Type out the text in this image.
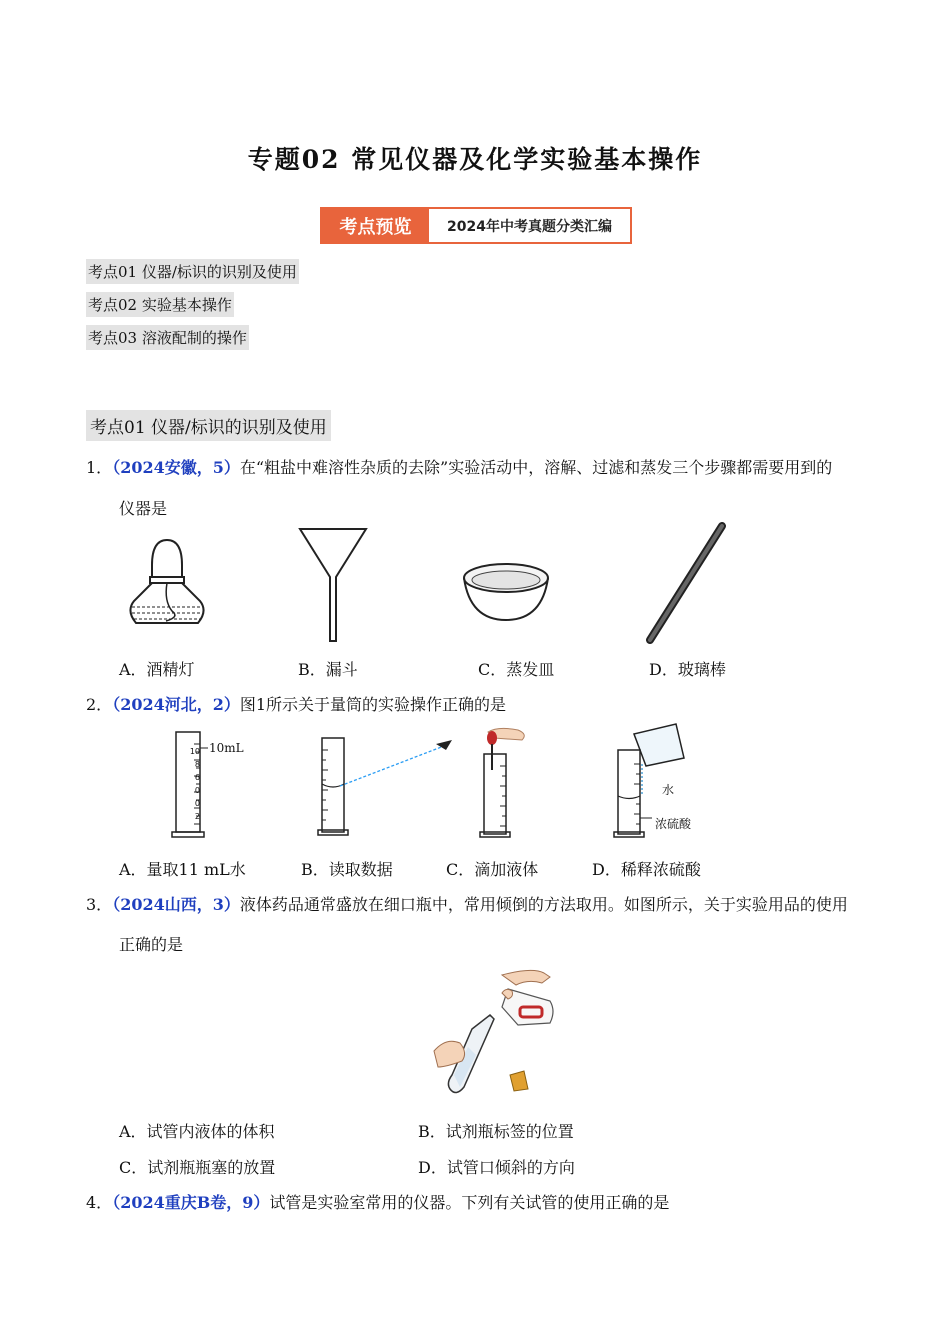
专题02 常见仪器及化学实验基本操作
考点预览	2024年中考真题分类汇编
考点01 仪器/标识的识别及使用
考点02 实验基本操作
考点03 溶液配制的操作
考点01 仪器/标识的识别及使用
1．（2024安徽，5）在“粗盐中难溶性杂质的去除”实验活动中，溶解、过滤和蒸发三个步骤都需要用到的
仪器是
A．酒精灯	B．漏斗	C．蒸发皿	D．玻璃棒
2．（2024河北，2）图1所示关于量筒的实验操作正确的是
10mL
10
8
6
0
0
2
水
浓硫酸
A．量取11 mL水	B．读取数据	C．滴加液体	D．稀释浓硫酸
3．（2024山西，3）液体药品通常盛放在细口瓶中，常用倾倒的方法取用。如图所示，关于实验用品的使用
正确的是
A．试管内液体的体积	B．试剂瓶标签的位置
C．试剂瓶瓶塞的放置	D．试管口倾斜的方向
4．（2024重庆B卷，9）试管是实验室常用的仪器。下列有关试管的使用正确的是
